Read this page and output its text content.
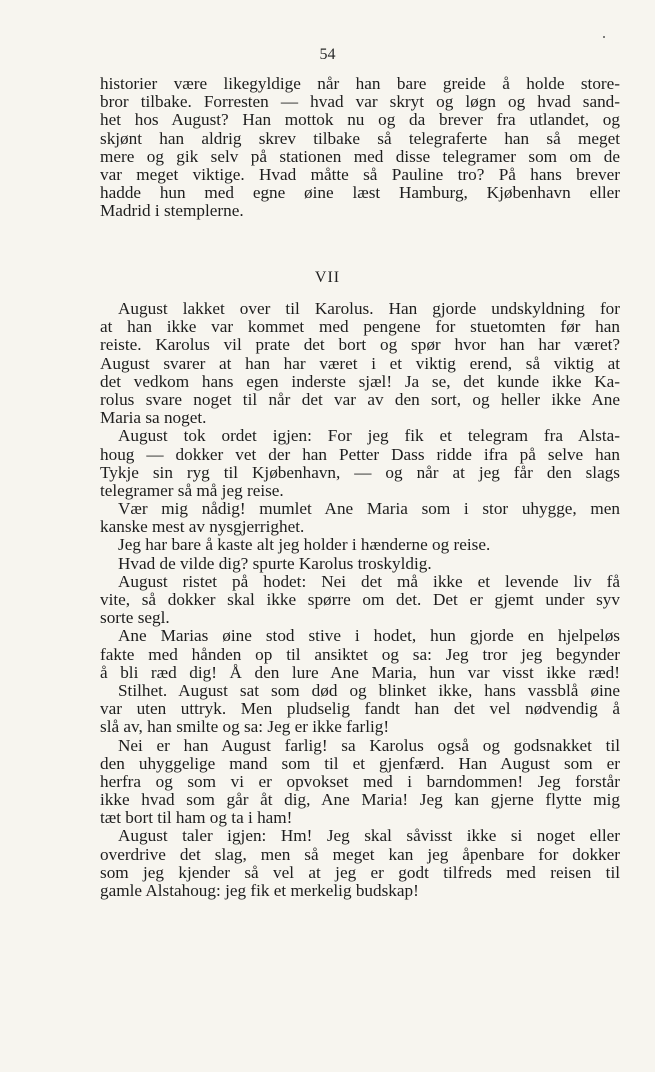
54
historier være likegyldige når han bare greide å holde store-
bror tilbake. Forresten — hvad var skryt og løgn og hvad sand-
het hos August? Han mottok nu og da brever fra utlandet, og
skjønt han aldrig skrev tilbake så telegraferte han så meget
mere og gik selv på stationen med disse telegramer som om de
var meget viktige. Hvad måtte så Pauline tro? På hans brever
hadde hun med egne øine læst Hamburg, Kjøbenhavn eller
Madrid i stemplerne.
VII
August lakket over til Karolus. Han gjorde undskyldning for
at han ikke var kommet med pengene for stuetomten før han
reiste. Karolus vil prate det bort og spør hvor han har været?
August svarer at han har været i et viktig erend, så viktig at
det vedkom hans egen inderste sjæl! Ja se, det kunde ikke Ka-
rolus svare noget til når det var av den sort, og heller ikke Ane
Maria sa noget.
August tok ordet igjen: For jeg fik et telegram fra Alsta-
houg — dokker vet der han Petter Dass ridde ifra på selve han
Tykje sin ryg til Kjøbenhavn, — og når at jeg får den slags
telegramer så må jeg reise.
Vær mig nådig! mumlet Ane Maria som i stor uhygge, men
kanske mest av nysgjerrighet.
Jeg har bare å kaste alt jeg holder i hænderne og reise.
Hvad de vilde dig? spurte Karolus troskyldig.
August ristet på hodet: Nei det må ikke et levende liv få
vite, så dokker skal ikke spørre om det. Det er gjemt under syv
sorte segl.
Ane Marias øine stod stive i hodet, hun gjorde en hjelpeløs
fakte med hånden op til ansiktet og sa: Jeg tror jeg begynder
å bli ræd dig! Å den lure Ane Maria, hun var visst ikke ræd!
Stilhet. August sat som død og blinket ikke, hans vassblå øine
var uten uttryk. Men pludselig fandt han det vel nødvendig å
slå av, han smilte og sa: Jeg er ikke farlig!
Nei er han August farlig! sa Karolus også og godsnakket til
den uhyggelige mand som til et gjenfærd. Han August som er
herfra og som vi er opvokset med i barndommen! Jeg forstår
ikke hvad som går åt dig, Ane Maria! Jeg kan gjerne flytte mig
tæt bort til ham og ta i ham!
August taler igjen: Hm! Jeg skal såvisst ikke si noget eller
overdrive det slag, men så meget kan jeg åpenbare for dokker
som jeg kjender så vel at jeg er godt tilfreds med reisen til
gamle Alstahoug: jeg fik et merkelig budskap!
